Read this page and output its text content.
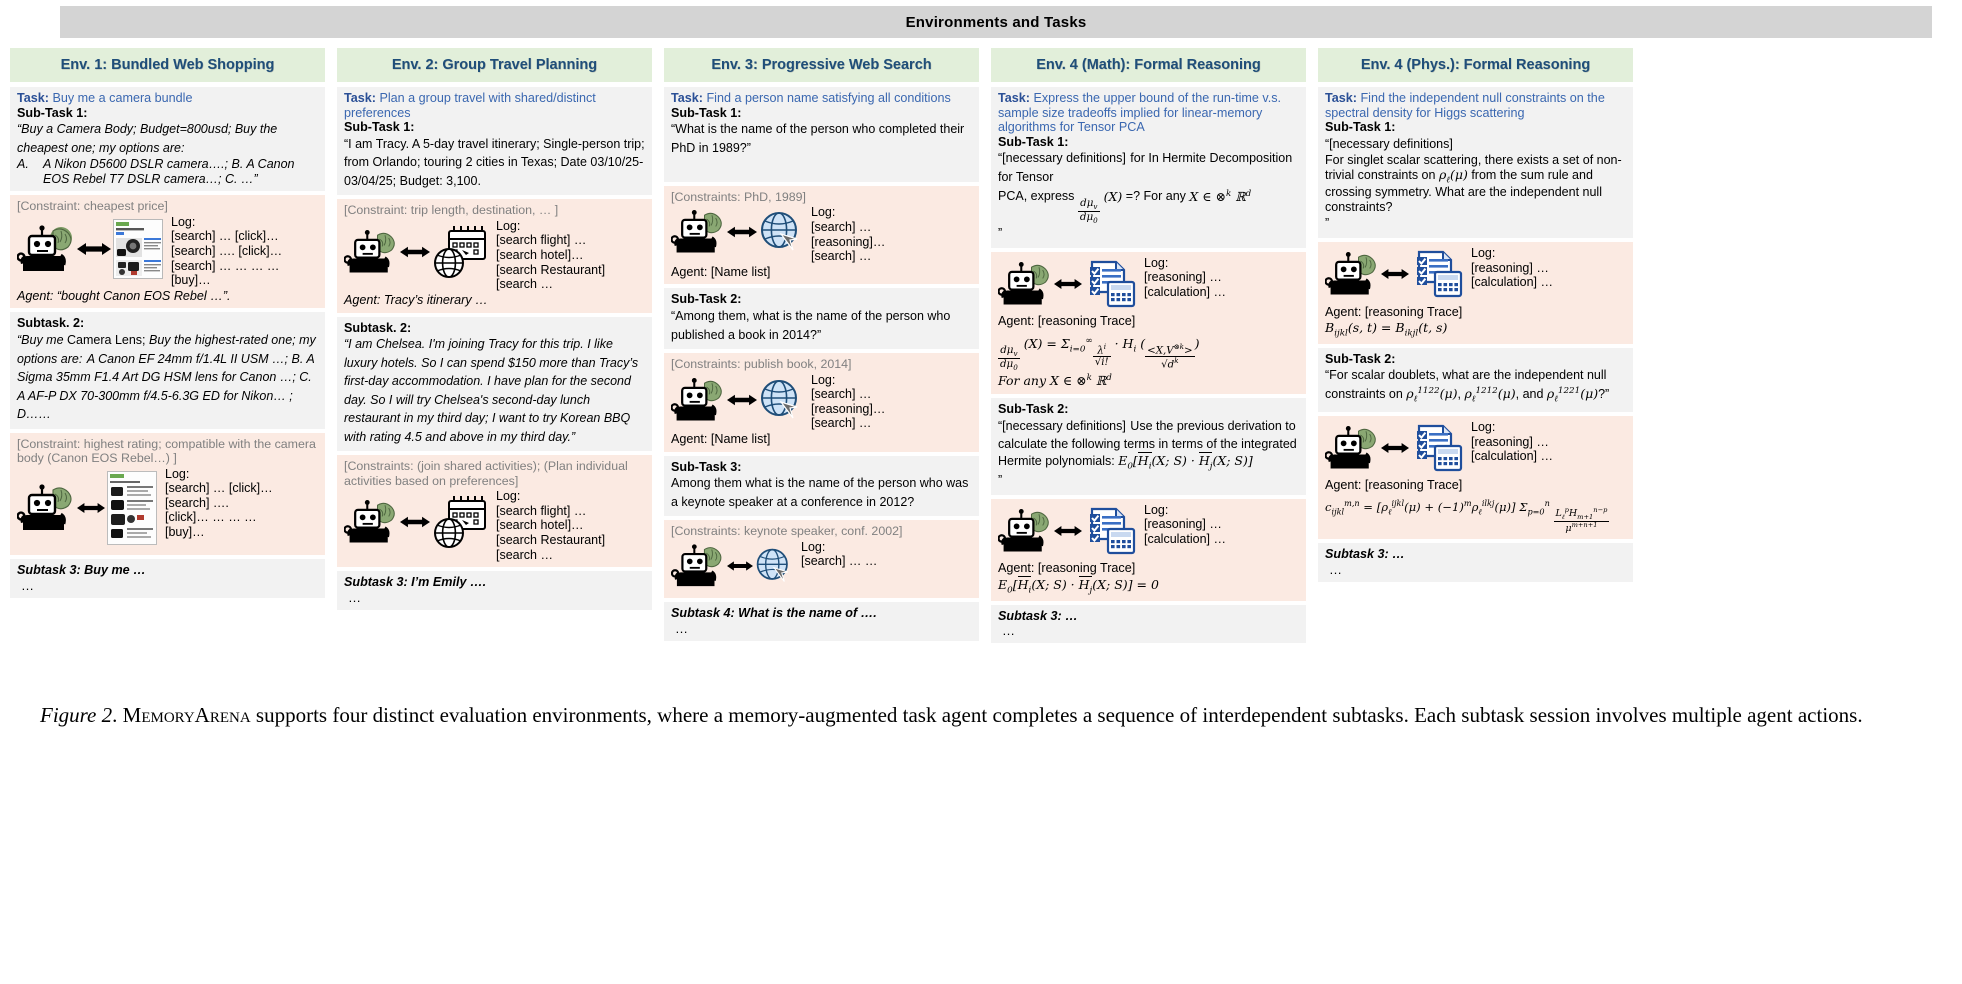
Environments and Tasks
Env. 1: Bundled Web Shopping
Task: Buy me a camera bundle
Sub-Task 1:
“Buy a Camera Body; Budget=800usd; Buy the cheapest one; my options are:
A.	A Nikon D5600 DSLR camera….; B. A Canon EOS Rebel T7 DSLR camera…; C. …”
[Constraint: cheapest price]
Log:
[search] … [click]…
[search] …. [click]…
[search] … … … …
[buy]…
Agent: “bought Canon EOS Rebel …”.
Subtask. 2:
“Buy me Camera Lens; Buy the highest-rated one; my options are: A Canon EF 24mm f/1.4L II USM …; B. A Sigma 35mm F1.4 Art DG HSM lens for Canon …; C. A AF-P DX 70-300mm f/4.5-6.3G ED for Nikon… ; D……
[Constraint: highest rating; compatible with the camera body (Canon EOS Rebel…) ]
Log:
[search] … [click]…
[search] ….
[click]… … … …
[buy]…
Subtask 3: Buy me …
…
Env. 2: Group Travel Planning
Task: Plan a group travel with shared/distinct preferences
Sub-Task 1:
“I am Tracy. A 5-day travel itinerary; Single-person trip; from Orlando; touring 2 cities in Texas; Date 03/10/25-03/04/25; Budget: 3,100.
[Constraint: trip length, destination, … ]
Log:
[search flight] …
[search hotel]…
[search Restaurant]
[search …
Agent: Tracy’s itinerary …
Subtask. 2:
“I am Chelsea. I'm joining Tracy for this trip. I like luxury hotels. So I can spend $150 more than Tracy’s first-day accommodation. I have plan for the second day. So I will try Chelsea's second-day lunch restaurant in my third day; I want to try Korean BBQ with rating 4.5 and above in my third day.”
[Constraints: (join shared activities); (Plan individual activities based on preferences]
Log:
[search flight] …
[search hotel]…
[search Restaurant]
[search …
Subtask 3: I’m Emily ….
…
Env. 3: Progressive Web Search
Task: Find a person name satisfying all conditions
Sub-Task 1:
“What is the name of the person who completed their PhD in 1989?”
[Constraints: PhD, 1989]
Log:
[search] …
[reasoning]…
[search] …
Agent: [Name list]
Sub-Task 2:
“Among them, what is the name of the person who published a book in 2014?”
[Constraints: publish book, 2014]
Log:
[search] …
[reasoning]…
[search] …
Agent: [Name list]
Sub-Task 3:
Among them what is the name of the person who was a keynote speaker at a conference in 2012?
[Constraints: keynote speaker, conf. 2002]
Log:
[search] … …
Subtask 4: What is the name of ….
…
Env. 4 (Math): Formal Reasoning
Task: Express the upper bound of the run-time v.s. sample size tradeoffs implied for linear-memory algorithms for Tensor PCA
Sub-Task 1:
“[necessary definitions] for In Hermite Decomposition for Tensor
PCA, express
$\frac{d\mu_v}{d\mu_0}$
(X) =? For any X ∈ ⊗$^k$ ℝ$^d$
”
Log:
[reasoning] …
[calculation] …
Agent: [reasoning Trace]
$\frac{d\mu_v}{d\mu_0}$
$(X) = \Sigma_{i=0}^\infty$
$\frac{\lambda^i}{√i!} \cdot H_i$ ( $\frac{<X,V^{\otimes k}>}{√d^k}$ )
For any X ∈ ⊗$^k$ ℝ$^d$
Sub-Task 2:
“[necessary definitions] Use the previous derivation to calculate the following terms in terms of the integrated
Hermite polynomials: $E_0[H_i(X$; $S) \cdot H_j(X$; S)]
”
Log:
[reasoning] …
[calculation] …
Agent: [reasoning Trace]
$E_0[H_i(X$; $S) \cdot H_j(X$; S)] = 0
Subtask 3: …
…
Env. 4 (Phys.): Formal Reasoning
Task: Find the independent null constraints on the spectral density for Higgs scattering
Sub-Task 1:
“[necessary definitions]
For singlet scalar scattering, there exists a set of non-trivial constraints on $\rho_\ell(\mu)$ from the sum rule and crossing symmetry. What are the independent null constraints?
”
Log:
[reasoning] …
[calculation] …
Agent: [reasoning Trace]
$B_{ijkl}(s$, $t) = B_{ikjl}(t$, s)
Sub-Task 2:
“For scalar doublets, what are the independent null constraints on $\rho_\ell^{1122}(\mu)$, $\rho_\ell^{1212}(\mu)$, and $\rho_\ell^{1221}(\mu)$?”
Log:
[reasoning] …
[calculation] …
Agent: [reasoning Trace]
$c_{ijkl}^{m,n} = [\rho_\ell^{ijkl}(\mu) + (-1)^m\rho_\ell^{ilkj}(\mu)]$ $\Sigma_{p=0}^n$
$\frac{L_\ell^pH_{m+1}^{n-p}}{\mu^{m+n+1}}$
Subtask 3: …
…
Figure 2. MemoryArena supports four distinct evaluation environments, where a memory-augmented task agent completes a sequence of interdependent subtasks. Each subtask session involves multiple agent actions.
